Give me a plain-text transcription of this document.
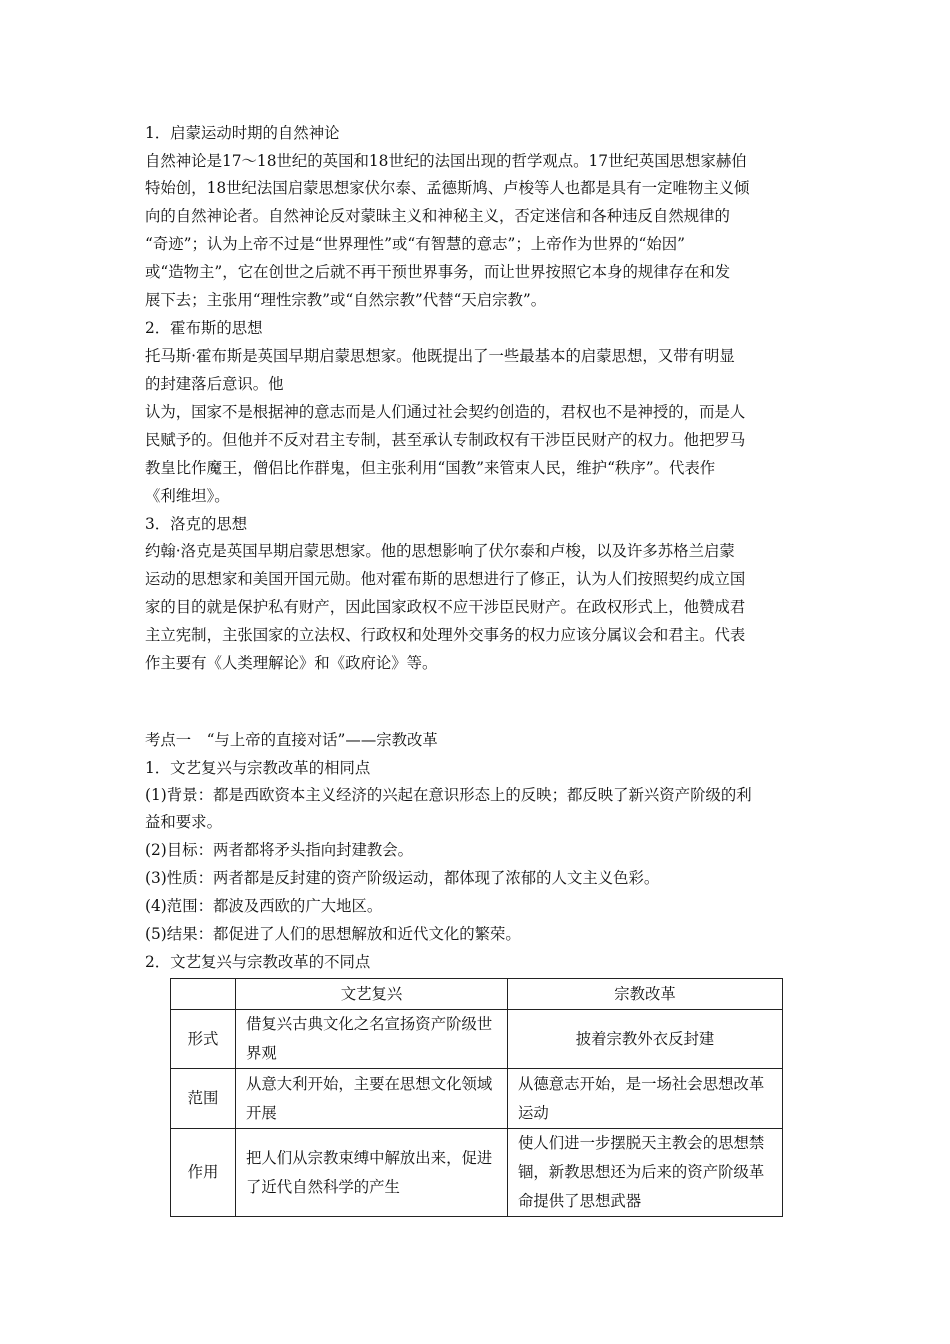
1．启蒙运动时期的自然神论
自然神论是17～18世纪的英国和18世纪的法国出现的哲学观点。17世纪英国思想家赫伯
特始创，18世纪法国启蒙思想家伏尔泰、孟德斯鸠、卢梭等人也都是具有一定唯物主义倾
向的自然神论者。自然神论反对蒙昧主义和神秘主义，否定迷信和各种违反自然规律的
“奇迹”；认为上帝不过是“世界理性”或“有智慧的意志”；上帝作为世界的“始因”
或“造物主”，它在创世之后就不再干预世界事务，而让世界按照它本身的规律存在和发
展下去；主张用“理性宗教”或“自然宗教”代替“天启宗教”。
2．霍布斯的思想
托马斯·霍布斯是英国早期启蒙思想家。他既提出了一些最基本的启蒙思想，又带有明显
的封建落后意识。他
认为，国家不是根据神的意志而是人们通过社会契约创造的，君权也不是神授的，而是人
民赋予的。但他并不反对君主专制，甚至承认专制政权有干涉臣民财产的权力。他把罗马
教皇比作魔王，僧侣比作群鬼，但主张利用“国教”来管束人民，维护“秩序”。代表作
《利维坦》。
3．洛克的思想
约翰·洛克是英国早期启蒙思想家。他的思想影响了伏尔泰和卢梭，以及许多苏格兰启蒙
运动的思想家和美国开国元勋。他对霍布斯的思想进行了修正，认为人们按照契约成立国
家的目的就是保护私有财产，因此国家政权不应干涉臣民财产。在政权形式上，他赞成君
主立宪制，主张国家的立法权、行政权和处理外交事务的权力应该分属议会和君主。代表
作主要有《人类理解论》和《政府论》等。
考点一　“与上帝的直接对话”——宗教改革
1．文艺复兴与宗教改革的相同点
(1)背景：都是西欧资本主义经济的兴起在意识形态上的反映；都反映了新兴资产阶级的利
益和要求。
(2)目标：两者都将矛头指向封建教会。
(3)性质：两者都是反封建的资产阶级运动，都体现了浓郁的人文主义色彩。
(4)范围：都波及西欧的广大地区。
(5)结果：都促进了人们的思想解放和近代文化的繁荣。
2．文艺复兴与宗教改革的不同点
	文艺复兴	宗教改革
形式	借复兴古典文化之名宣扬资产阶级世界观	披着宗教外衣反封建
范围	从意大利开始，主要在思想文化领域开展	从德意志开始，是一场社会思想改革运动
作用	把人们从宗教束缚中解放出来，促进了近代自然科学的产生	使人们进一步摆脱天主教会的思想禁锢，新教思想还为后来的资产阶级革命提供了思想武器
